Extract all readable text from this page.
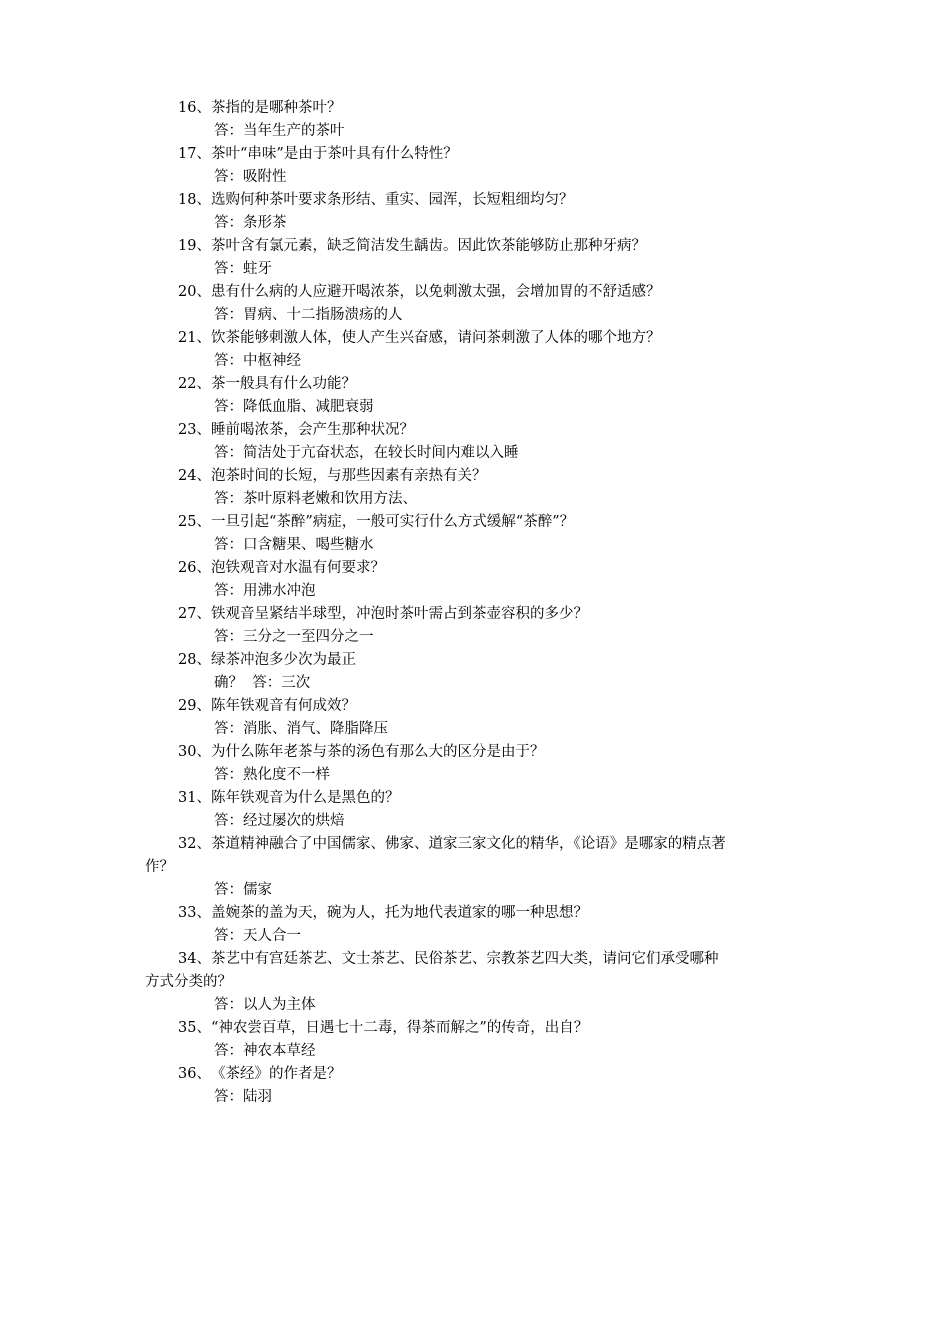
16、茶指的是哪种茶叶？

答：当年生产的茶叶

17、茶叶“串味”是由于茶叶具有什么特性？

答：吸附性

18、选购何种茶叶要求条形结、重实、园浑，长短粗细均匀？

答：条形茶

19、茶叶含有氯元素，缺乏简洁发生龋齿。因此饮茶能够防止那种牙病？

答：蛀牙

20、患有什么病的人应避开喝浓茶，以免刺激太强，会增加胃的不舒适感？

答：胃病、十二指肠溃疡的人

21、饮茶能够刺激人体，使人产生兴奋感，请问茶刺激了人体的哪个地方？

答：中枢神经

22、茶一般具有什么功能？

答：降低血脂、减肥衰弱

23、睡前喝浓茶，会产生那种状况？

答：简洁处于亢奋状态，在较长时间内难以入睡

24、泡茶时间的长短，与那些因素有亲热有关？

答：茶叶原料老嫩和饮用方法、

25、一旦引起“茶醉”病症，一般可实行什么方式缓解“茶醉”？

答：口含糖果、喝些糖水

26、泡铁观音对水温有何要求？

答：用沸水冲泡

27、铁观音呈紧结半球型，冲泡时茶叶需占到茶壶容积的多少？

答：三分之一至四分之一

28、绿茶冲泡多少次为最正

确？ 答：三次

29、陈年铁观音有何成效？

答：消胀、消气、降脂降压

30、为什么陈年老茶与茶的汤色有那么大的区分是由于？

答：熟化度不一样

31、陈年铁观音为什么是黑色的？

答：经过屡次的烘焙

32、茶道精神融合了中国儒家、佛家、道家三家文化的精华，《论语》是哪家的精点著

作？

答：儒家

33、盖婉茶的盖为天，碗为人，托为地代表道家的哪一种思想？

答：天人合一

34、茶艺中有宫廷茶艺、文士茶艺、民俗茶艺、宗教茶艺四大类，请问它们承受哪种

方式分类的？

答：以人为主体

35、“神农尝百草，日遇七十二毒，得茶而解之”的传奇，出自？

答：神农本草经

36、《茶经》的作者是？

答：陆羽
